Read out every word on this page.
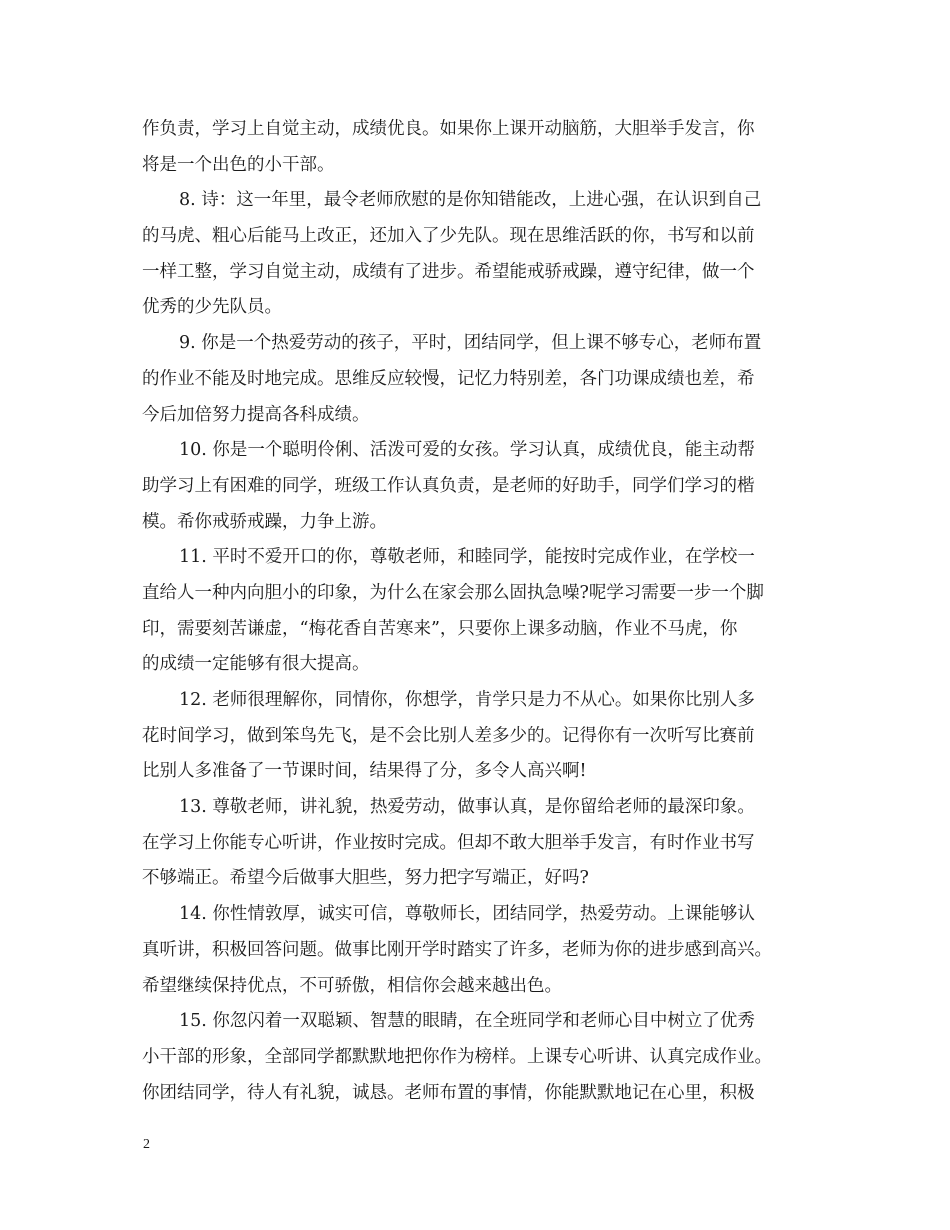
作负责，学习上自觉主动，成绩优良。如果你上课开动脑筋，大胆举手发言，你
将是一个出色的小干部。
8. 诗：这一年里，最令老师欣慰的是你知错能改，上进心强，在认识到自己
的马虎、粗心后能马上改正，还加入了少先队。现在思维活跃的你，书写和以前
一样工整，学习自觉主动，成绩有了进步。希望能戒骄戒躁，遵守纪律，做一个
优秀的少先队员。
9. 你是一个热爱劳动的孩子，平时，团结同学，但上课不够专心，老师布置
的作业不能及时地完成。思维反应较慢，记忆力特别差，各门功课成绩也差，希
今后加倍努力提高各科成绩。
10. 你是一个聪明伶俐、活泼可爱的女孩。学习认真，成绩优良，能主动帮
助学习上有困难的同学，班级工作认真负责，是老师的好助手，同学们学习的楷
模。希你戒骄戒躁，力争上游。
11. 平时不爱开口的你，尊敬老师，和睦同学，能按时完成作业，在学校一
直给人一种内向胆小的印象，为什么在家会那么固执急噪?呢学习需要一步一个脚
印，需要刻苦谦虚，“梅花香自苦寒来”，只要你上课多动脑，作业不马虎，你
的成绩一定能够有很大提高。
12. 老师很理解你，同情你，你想学，肯学只是力不从心。如果你比别人多
花时间学习，做到笨鸟先飞，是不会比别人差多少的。记得你有一次听写比赛前
比别人多准备了一节课时间，结果得了分，多令人高兴啊!
13. 尊敬老师，讲礼貌，热爱劳动，做事认真，是你留给老师的最深印象。
在学习上你能专心听讲，作业按时完成。但却不敢大胆举手发言，有时作业书写
不够端正。希望今后做事大胆些，努力把字写端正，好吗?
14. 你性情敦厚，诚实可信，尊敬师长，团结同学，热爱劳动。上课能够认
真听讲，积极回答问题。做事比刚开学时踏实了许多，老师为你的进步感到高兴。
希望继续保持优点，不可骄傲，相信你会越来越出色。
15. 你忽闪着一双聪颖、智慧的眼睛，在全班同学和老师心目中树立了优秀
小干部的形象，全部同学都默默地把你作为榜样。上课专心听讲、认真完成作业。
你团结同学，待人有礼貌，诚恳。老师布置的事情，你能默默地记在心里，积极
2
